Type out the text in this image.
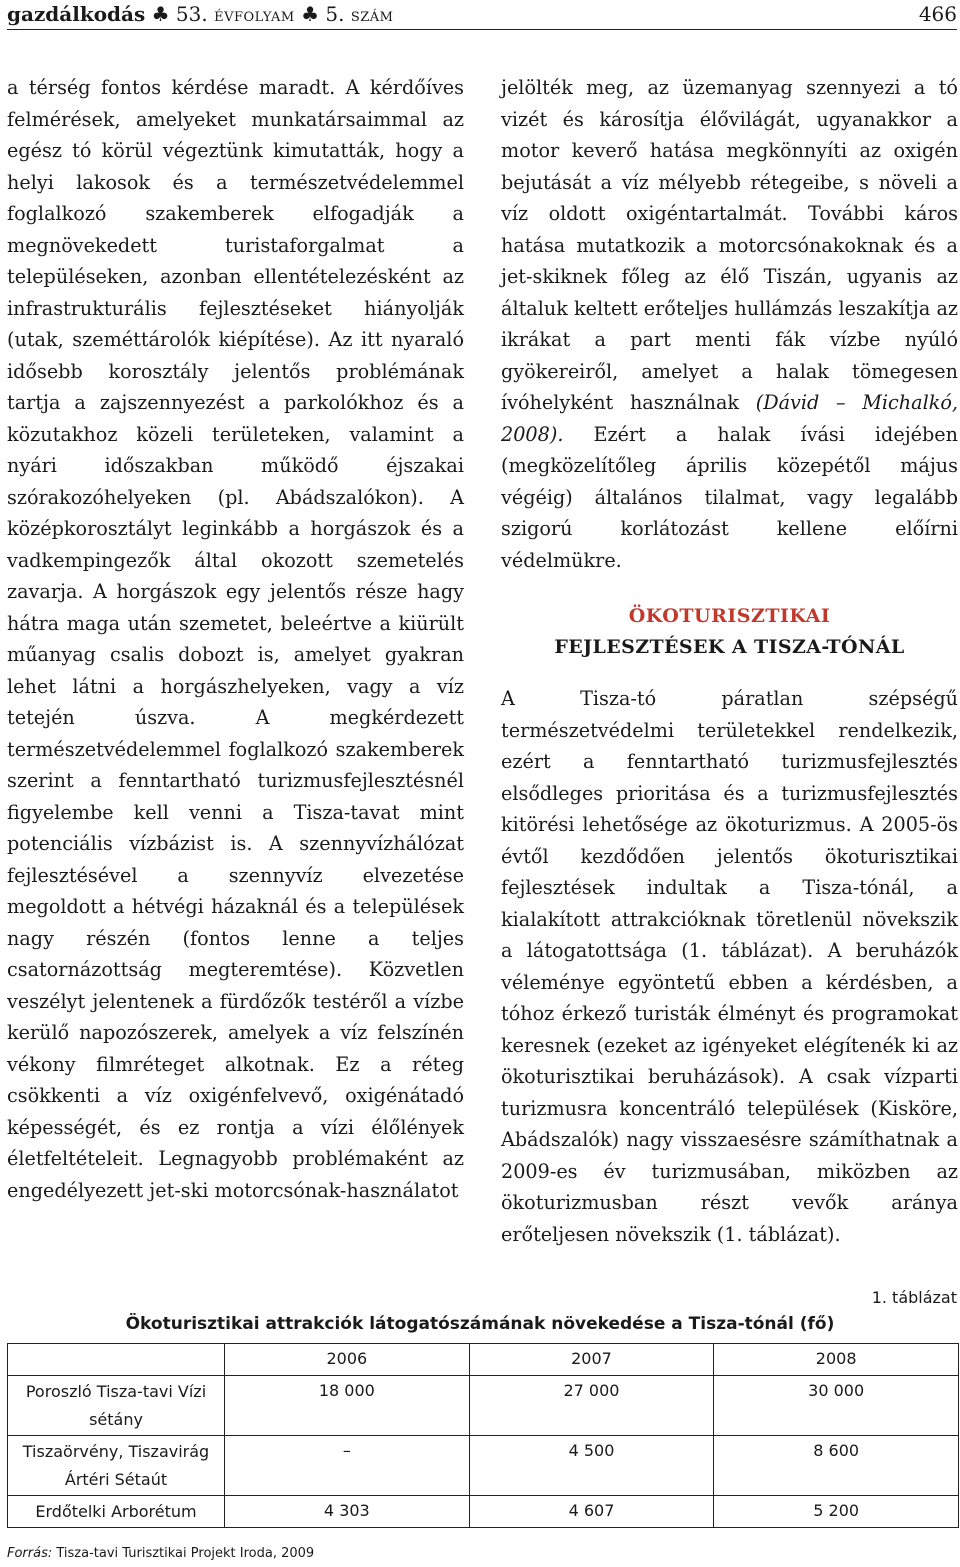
gazdálkodás ♣ 53. ÉVFOLYAM ♣ 5. SZÁM	466

a térség fontos kérdése maradt. A kérdőíves felmérések, amelyeket munkatársaimmal az egész tó körül végeztünk kimutatták, hogy a helyi lakosok és a természetvédelemmel foglalkozó szakemberek elfogadják a megnövekedett turistaforgalmat a településeken, azonban ellentételezésként az infrastrukturális fejlesztéseket hiányolják (utak, szeméttárolók kiépítése). Az itt nyaraló idősebb korosztály jelentős problémának tartja a zajszennyezést a parkolókhoz és a közutakhoz közeli területeken, valamint a nyári időszakban működő éjszakai szórakozóhelyeken (pl. Abádszalókon). A középkorosztályt leginkább a horgászok és a vadkempingezők által okozott szemetelés zavarja. A horgászok egy jelentős része hagy hátra maga után szemetet, beleértve a kiürült műanyag csalis dobozt is, amelyet gyakran lehet látni a horgászhelyeken, vagy a víz tetején úszva. A megkérdezett természetvédelemmel foglalkozó szakemberek szerint a fenntartható turizmusfejlesztésnél figyelembe kell venni a Tisza-tavat mint potenciális vízbázist is. A szennyvízhálózat fejlesztésével a szennyvíz elvezetése megoldott a hétvégi házaknál és a települések nagy részén (fontos lenne a teljes csatornázottság megteremtése). Közvetlen veszélyt jelentenek a fürdőzők testéről a vízbe kerülő napozószerek, amelyek a víz felszínén vékony filmréteget alkotnak. Ez a réteg csökkenti a víz oxigénfelvevő, oxigénátadó képességét, és ez rontja a vízi élőlények életfeltételeit. Legnagyobb problémaként az engedélyezett jet-ski motorcsónak-használatot

jelölték meg, az üzemanyag szennyezi a tó vizét és károsítja élővilágát, ugyanakkor a motor keverő hatása megkönnyíti az oxigén bejutását a víz mélyebb rétegeibe, s növeli a víz oldott oxigéntartalmát. További káros hatása mutatkozik a motorcsónakoknak és a jet-skiknek főleg az élő Tiszán, ugyanis az általuk keltett erőteljes hullámzás leszakítja az ikrákat a part menti fák vízbe nyúló gyökereiről, amelyet a halak tömegesen ívóhelyként használnak (Dávid – Michalkó, 2008). Ezért a halak ívási idejében (megközelítőleg április közepétől május végéig) általános tilalmat, vagy legalább szigorú korlátozást kellene előírni védelmükre.

ÖKOTURISZTIKAI
FEJLESZTÉSEK A TISZA-TÓNÁL

A Tisza-tó páratlan szépségű természetvédelmi területekkel rendelkezik, ezért a fenntartható turizmusfejlesztés elsődleges prioritása és a turizmusfejlesztés kitörési lehetősége az ökoturizmus. A 2005-ös évtől kezdődően jelentős ökoturisztikai fejlesztések indultak a Tisza-tónál, a kialakított attrakcióknak töretlenül növekszik a látogatottsága (1. táblázat). A beruházók véleménye egyöntetű ebben a kérdésben, a tóhoz érkező turisták élményt és programokat keresnek (ezeket az igényeket elégítenék ki az ökoturisztikai beruházások). A csak vízparti turizmusra koncentráló települések (Kisköre, Abádszalók) nagy visszaesésre számíthatnak a 2009-es év turizmusában, miközben az ökoturizmusban részt vevők aránya erőteljesen növekszik (1. táblázat).

1. táblázat
Ökoturisztikai attrakciók látogatószámának növekedése a Tisza-tónál (fő)
	2006	2007	2008
Poroszló Tisza-tavi Vízi sétány	18 000	27 000	30 000
Tiszaörvény, Tiszavirág Ártéri Sétaút	–	4 500	8 600
Erdőtelki Arborétum	4 303	4 607	5 200
Forrás: Tisza-tavi Turisztikai Projekt Iroda, 2009
